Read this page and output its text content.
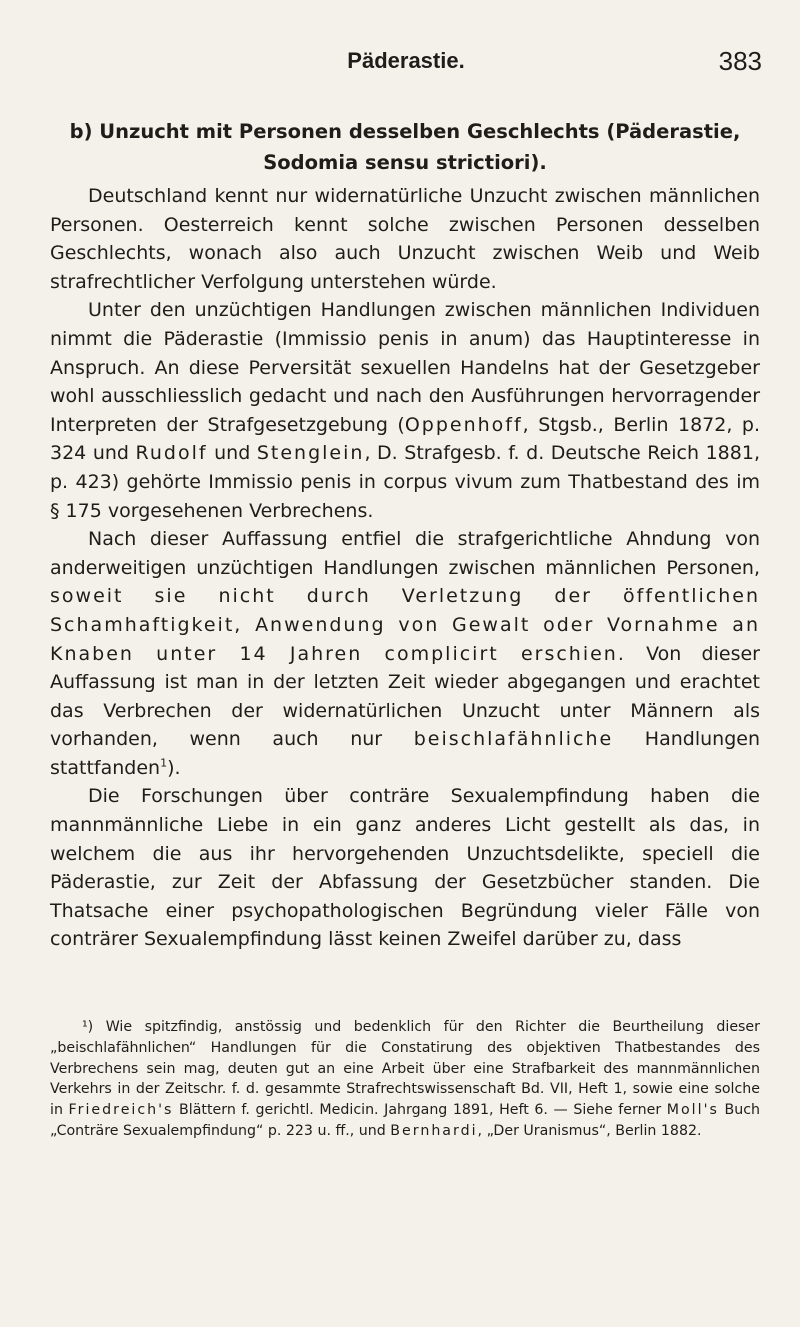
Päderastie.	383
b) Unzucht mit Personen desselben Geschlechts (Päderastie, Sodomia sensu strictiori).

Deutschland kennt nur widernatürliche Unzucht zwischen männlichen Personen. Oesterreich kennt solche zwischen Personen desselben Geschlechts, wonach also auch Unzucht zwischen Weib und Weib strafrechtlicher Verfolgung unterstehen würde.

Unter den unzüchtigen Handlungen zwischen männlichen Individuen nimmt die Päderastie (Immissio penis in anum) das Hauptinteresse in Anspruch. An diese Perversität sexuellen Handelns hat der Gesetzgeber wohl ausschliesslich gedacht und nach den Ausführungen hervorragender Interpreten der Strafgesetzgebung (Oppenhoff, Stgsb., Berlin 1872, p. 324 und Rudolf und Stenglein, D. Strafgesb. f. d. Deutsche Reich 1881, p. 423) gehörte Immissio penis in corpus vivum zum Thatbestand des im § 175 vorgesehenen Verbrechens.

Nach dieser Auffassung entfiel die strafgerichtliche Ahndung von anderweitigen unzüchtigen Handlungen zwischen männlichen Personen, soweit sie nicht durch Verletzung der öffentlichen Schamhaftigkeit, Anwendung von Gewalt oder Vornahme an Knaben unter 14 Jahren complicirt erschien. Von dieser Auffassung ist man in der letzten Zeit wieder abgegangen und erachtet das Verbrechen der widernatürlichen Unzucht unter Männern als vorhanden, wenn auch nur beischlafähnliche Handlungen stattfanden$^1$).

Die Forschungen über conträre Sexualempfindung haben die mannmännliche Liebe in ein ganz anderes Licht gestellt als das, in welchem die aus ihr hervorgehenden Unzuchtsdelikte, speciell die Päderastie, zur Zeit der Abfassung der Gesetzbücher standen. Die Thatsache einer psychopathologischen Begründung vieler Fälle von conträrer Sexualempfindung lässt keinen Zweifel darüber zu, dass

¹) Wie spitzfindig, anstössig und bedenklich für den Richter die Beurtheilung dieser „beischlafähnlichen“ Handlungen für die Constatirung des objektiven Thatbestandes des Verbrechens sein mag, deuten gut an eine Arbeit über eine Strafbarkeit des mannmännlichen Verkehrs in der Zeitschr. f. d. gesammte Strafrechtswissenschaft Bd. VII, Heft 1, sowie eine solche in Friedreich's Blättern f. gerichtl. Medicin. Jahrgang 1891, Heft 6. — Siehe ferner Moll's Buch „Conträre Sexualempfindung“ p. 223 u. ff., und Bernhardi, „Der Uranismus“, Berlin 1882.
